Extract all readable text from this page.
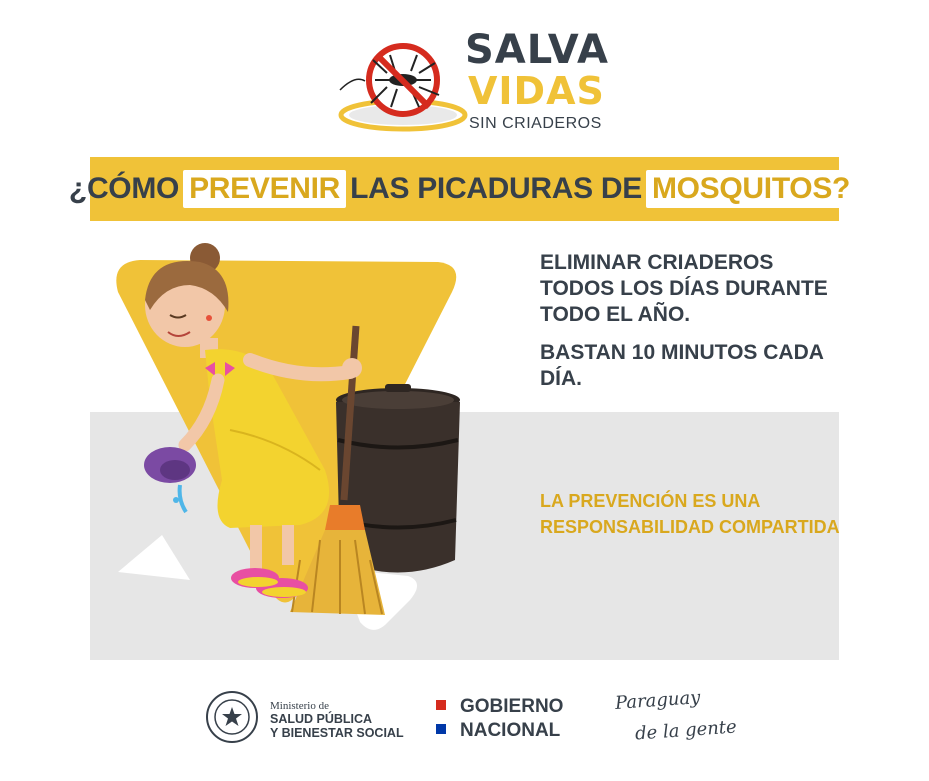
SALVA
VIDAS
SIN CRIADEROS
¿CÓMO PREVENIR LAS PICADURAS DE MOSQUITOS?
ELIMINAR CRIADEROS TODOS LOS DÍAS DURANTE TODO EL AÑO.
BASTAN 10 MINUTOS CADA DÍA.
LA PREVENCIÓN ES UNA RESPONSABILIDAD COMPARTIDA
Ministerio de
SALUD PÚBLICA
Y BIENESTAR SOCIAL
GOBIERNO
NACIONAL
Paraguay
de la gente
